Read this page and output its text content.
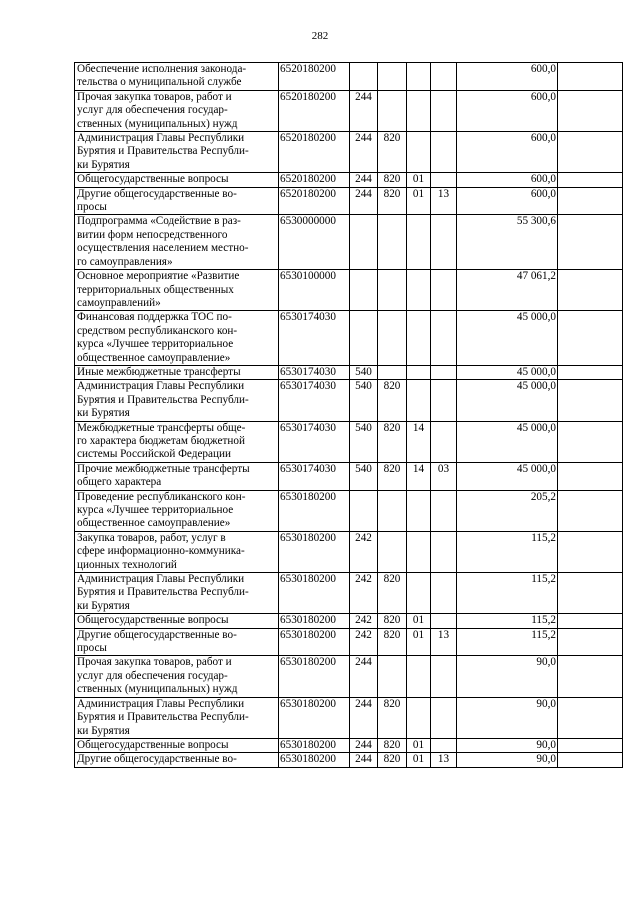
282
Обеспечение исполнения законода-
тельства о муниципальной службе	6520180200					600,0	

Прочая закупка товаров, работ и
услуг для обеспечения государ-
ственных (муниципальных) нужд	6520180200	244				600,0	

Администрация Главы Республики
Бурятия и Правительства Республи-
ки Бурятия	6520180200	244	820			600,0	

Общегосударственные вопросы	6520180200	244	820	01		600,0	

Другие общегосударственные во-
просы	6520180200	244	820	01	13	600,0	

Подпрограмма «Содействие в раз-
витии форм непосредственного
осуществления населением местно-
го самоуправления»	6530000000					55 300,6	

Основное мероприятие «Развитие
территориальных общественных
самоуправлений»	6530100000					47 061,2	

Финансовая поддержка ТОС по-
средством республиканского кон-
курса «Лучшее территориальное
общественное самоуправление»	6530174030					45 000,0	

Иные межбюджетные трансферты	6530174030	540				45 000,0	

Администрация Главы Республики
Бурятия и Правительства Республи-
ки Бурятия	6530174030	540	820			45 000,0	

Межбюджетные трансферты обще-
го характера бюджетам бюджетной
системы Российской Федерации	6530174030	540	820	14		45 000,0	

Прочие межбюджетные трансферты
общего характера	6530174030	540	820	14	03	45 000,0	

Проведение республиканского кон-
курса «Лучшее территориальное
общественное самоуправление»	6530180200					205,2	

Закупка товаров, работ, услуг в
сфере информационно-коммуника-
ционных технологий	6530180200	242				115,2	

Администрация Главы Республики
Бурятия и Правительства Республи-
ки Бурятия	6530180200	242	820			115,2	

Общегосударственные вопросы	6530180200	242	820	01		115,2	

Другие общегосударственные во-
просы	6530180200	242	820	01	13	115,2	

Прочая закупка товаров, работ и
услуг для обеспечения государ-
ственных (муниципальных) нужд	6530180200	244				90,0	

Администрация Главы Республики
Бурятия и Правительства Республи-
ки Бурятия	6530180200	244	820			90,0	

Общегосударственные вопросы	6530180200	244	820	01		90,0	

Другие общегосударственные во-	6530180200	244	820	01	13	90,0	
